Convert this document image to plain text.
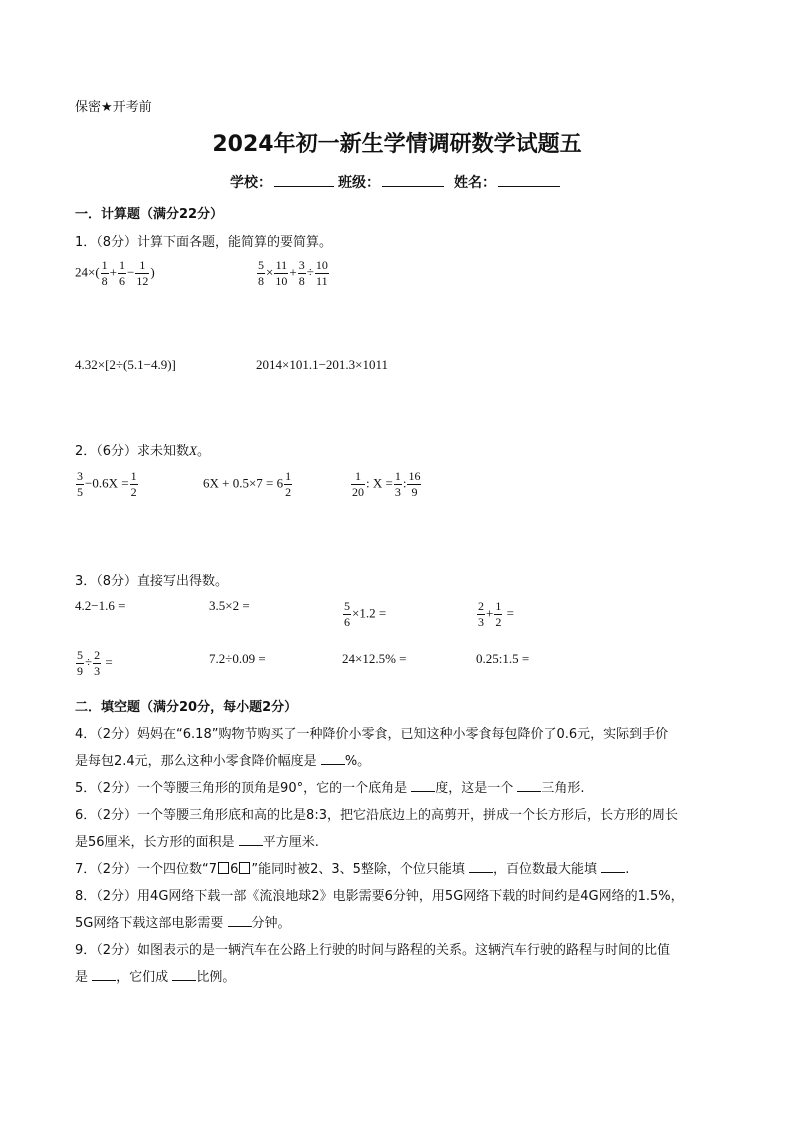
保密★开考前
2024年初一新生学情调研数学试题五
学校：	班级：	姓名：
一．计算题（满分22分）
1．（8分）计算下面各题，能简算的要简算。
$24\times( \frac{1}{8} + \frac{1}{6} - \frac{1}{12}$ )	$\frac{5}{8} \times \frac{11}{10} + \frac{3}{8} \div \frac{10}{11}$
4.32×[2÷(5.1−4.9)]	2014×101.1−201.3×1011
2．（6分）求未知数X。
$\frac{3}{5} -0.6X = \frac{1}{2}$	$6X + 0.5\times 7 = 6 \frac{1}{2}$	$\frac{1}{20}$ : $X = \frac{1}{3}$ : $\frac{16}{9}$
3．（8分）直接写出得数。
4.2−1.6 =	3.5×2 =	$\frac{5}{6} \times 1.2$ =	$\frac{2}{3} + \frac{1}{2}$ =
$\frac{5}{9} \div \frac{2}{3}$ =	7.2÷0.09 =	24×12.5% =	0.25:1.5 =
二．填空题（满分20分，每小题2分）
4．（2分）妈妈在“6.18”购物节购买了一种降价小零食，已知这种小零食每包降价了0.6元，实际到手价
是每包2.4元，那么这种小零食降价幅度是 %。
5．（2分）一个等腰三角形的顶角是90°，它的一个底角是 度，这是一个 三角形.
6．（2分）一个等腰三角形底和高的比是8:3，把它沿底边上的高剪开，拼成一个长方形后，长方形的周长
是56厘米，长方形的面积是 平方厘米.
7．（2分）一个四位数“7 6 ”能同时被2、3、5整除，个位只能填 ，百位数最大能填 .
8．（2分）用4G网络下载一部《流浪地球2》电影需要6分钟，用5G网络下载的时间约是4G网络的1.5%，
5G网络下载这部电影需要 分钟。
9．（2分）如图表示的是一辆汽车在公路上行驶的时间与路程的关系。这辆汽车行驶的路程与时间的比值
是 ，它们成 比例。
